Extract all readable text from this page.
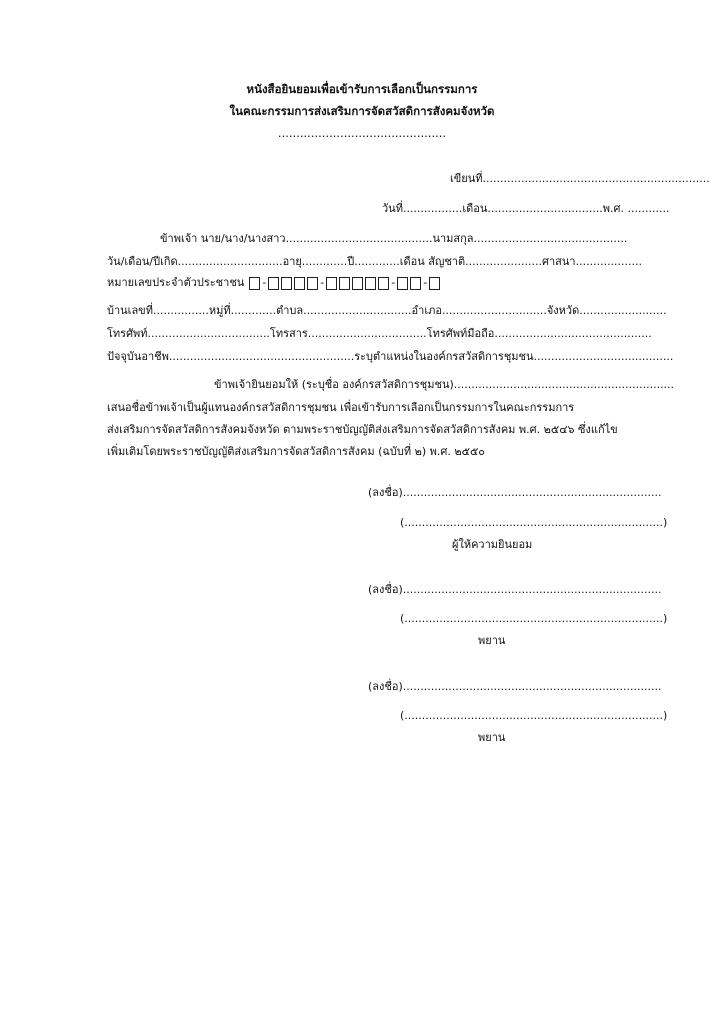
หนังสือยินยอมเพื่อเข้ารับการเลือกเป็นกรรมการ
ในคณะกรรมการส่งเสริมการจัดสวัสดิการสังคมจังหวัด
..............................................
เขียนที่.................................................................
วันที่.................เดือน.................................พ.ศ. ............
ข้าพเจ้า นาย/นาง/นางสาว..........................................นามสกุล............................................
วัน/เดือน/ปีเกิด..............................อายุ.............ปี.............เดือน สัญชาติ......................ศาสนา...................
หมายเลขประจำตัวประชาชน -	-	-	-
บ้านเลขที่................หมู่ที่.............ตำบล...............................อำเภอ..............................จังหวัด.........................
โทรศัพท์...................................โทรสาร..................................โทรศัพท์มือถือ.............................................
ปัจจุบันอาชีพ.....................................................ระบุตำแหน่งในองค์กรสวัสดิการชุมชน........................................
ข้าพเจ้ายินยอมให้ (ระบุชื่อ องค์กรสวัสดิการชุมชน)...............................................................
เสนอชื่อข้าพเจ้าเป็นผู้แทนองค์กรสวัสดิการชุมชน เพื่อเข้ารับการเลือกเป็นกรรมการในคณะกรรมการ
ส่งเสริมการจัดสวัสดิการสังคมจังหวัด ตามพระราชบัญญัติส่งเสริมการจัดสวัสดิการสังคม พ.ศ. ๒๕๔๖ ซึ่งแก้ไข
เพิ่มเติมโดยพระราชบัญญัติส่งเสริมการจัดสวัสดิการสังคม (ฉบับที่ ๒) พ.ศ. ๒๕๕๐
(ลงชื่อ)..........................................................................
(..........................................................................)
ผู้ให้ความยินยอม
(ลงชื่อ)..........................................................................
(..........................................................................)
พยาน
(ลงชื่อ)..........................................................................
(..........................................................................)
พยาน
